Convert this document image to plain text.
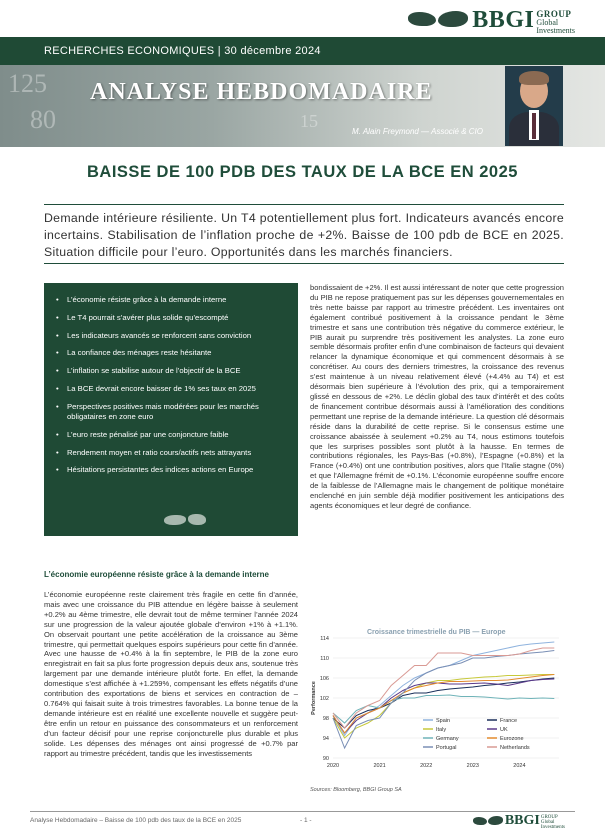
BBGI GROUP
Global
Investments
RECHERCHES ECONOMIQUES | 30 décembre 2024
125
80	15
ANALYSE HEBDOMADAIRE
M. Alain Freymond — Associé & CIO
BAISSE DE 100 PDB DES TAUX DE LA BCE EN 2025
Demande intérieure résiliente. Un T4 potentiellement plus fort. Indicateurs avancés encore incertains. Stabilisation de l’inflation proche de +2%. Baisse de 100 pdb de BCE en 2025. Situation difficile pour l’euro. Opportunités dans les marchés financiers.
• L’économie résiste grâce à la demande interne
• Le T4 pourrait s’avérer plus solide qu’escompté
• Les indicateurs avancés se renforcent sans conviction
• La confiance des ménages reste hésitante
• L’inflation se stabilise autour de l’objectif de la BCE
• La BCE devrait encore baisser de 1% ses taux en 2025
• Perspectives positives mais modérées pour les marchés obligataires en zone euro
• L’euro reste pénalisé par une conjoncture faible
• Rendement moyen et ratio cours/actifs nets attrayants
• Hésitations persistantes des indices actions en Europe
L’économie européenne résiste grâce à la demande interne
L’économie européenne reste clairement très fragile en cette fin d’année, mais avec une croissance du PIB attendue en légère baisse à seulement +0.2% au 4ème trimestre, elle devrait tout de même terminer l’année 2024 sur une progression de la valeur ajoutée globale d’environ +1% à +1.1%. On observait pourtant une petite accélération de la croissance au 3ème trimestre, qui permettait quelques espoirs supérieurs pour cette fin d’année. Avec une hausse de +0.4% à la fin septembre, le PIB de la zone euro enregistrait en fait sa plus forte progression depuis deux ans, soutenue très largement par une demande intérieure plutôt forte. En effet, la demande domestique s’est affichée à +1.259%, compensant les effets négatifs d’une contribution des exportations de biens et services en contraction de –0.764% qui faisait suite à trois trimestres favorables. La bonne tenue de la demande intérieure est en réalité une excellente nouvelle et suggère peut-être enfin un retour en puissance des consommateurs et un renforcement d’un facteur décisif pour une reprise conjoncturelle plus durable et plus solide. Les dépenses des ménages ont ainsi progressé de +0.7% par rapport au trimestre précédent, tandis que les investissements
bondissaient de +2%. Il est aussi intéressant de noter que cette progression du PIB ne repose pratiquement pas sur les dépenses gouvernementales en très nette baisse par rapport au trimestre précédent. Les inventaires ont également contribué positivement à la croissance pendant le 3ème trimestre et sans une contribution très négative du commerce extérieur, le PIB aurait pu surprendre très positivement les analystes. La zone euro semble désormais profiter enfin d’une combinaison de facteurs qui devaient relancer la dynamique économique et qui commencent désormais à se concrétiser. Au cours des derniers trimestres, la croissance des revenus s’est maintenue à un niveau relativement élevé (+4.4% au T4) et est désormais bien supérieure à l’évolution des prix, qui a temporairement glissé en dessous de +2%. Le déclin global des taux d’intérêt et des coûts de financement contribue désormais aussi à l’amélioration des conditions permettant une reprise de la demande intérieure. La question clé désormais réside dans la durabilité de cette reprise. Si le consensus estime une croissance abaissée à seulement +0.2% au T4, nous estimons toutefois que les surprises possibles sont plutôt à la hausse. En termes de contributions régionales, les Pays-Bas (+0.8%), l’Espagne (+0.8%) et la France (+0.4%) ont une contribution positives, alors que l’Italie stagne (0%) et que l’Allemagne frémit de +0.1%. L’économie européenne souffre encore de la faiblesse de l’Allemagne mais le changement de politique monétaire enclenché en juin semble déjà modifier positivement les anticipations des agents économiques et leur degré de confiance.
Croissance trimestrielle du PIB — Europe
90
94
98
102
106
110
114
2020	2021	2022	2023	2024
Performance
Spain	France
Italy	UK
Germany	Eurozone
Portugal	Netherlands
Sources: Bloomberg, BBGI Group SA
Analyse Hebdomadaire – Baisse de 100 pdb des taux de la BCE en 2025	- 1 -	BBGI GROUP
Global
Investments
